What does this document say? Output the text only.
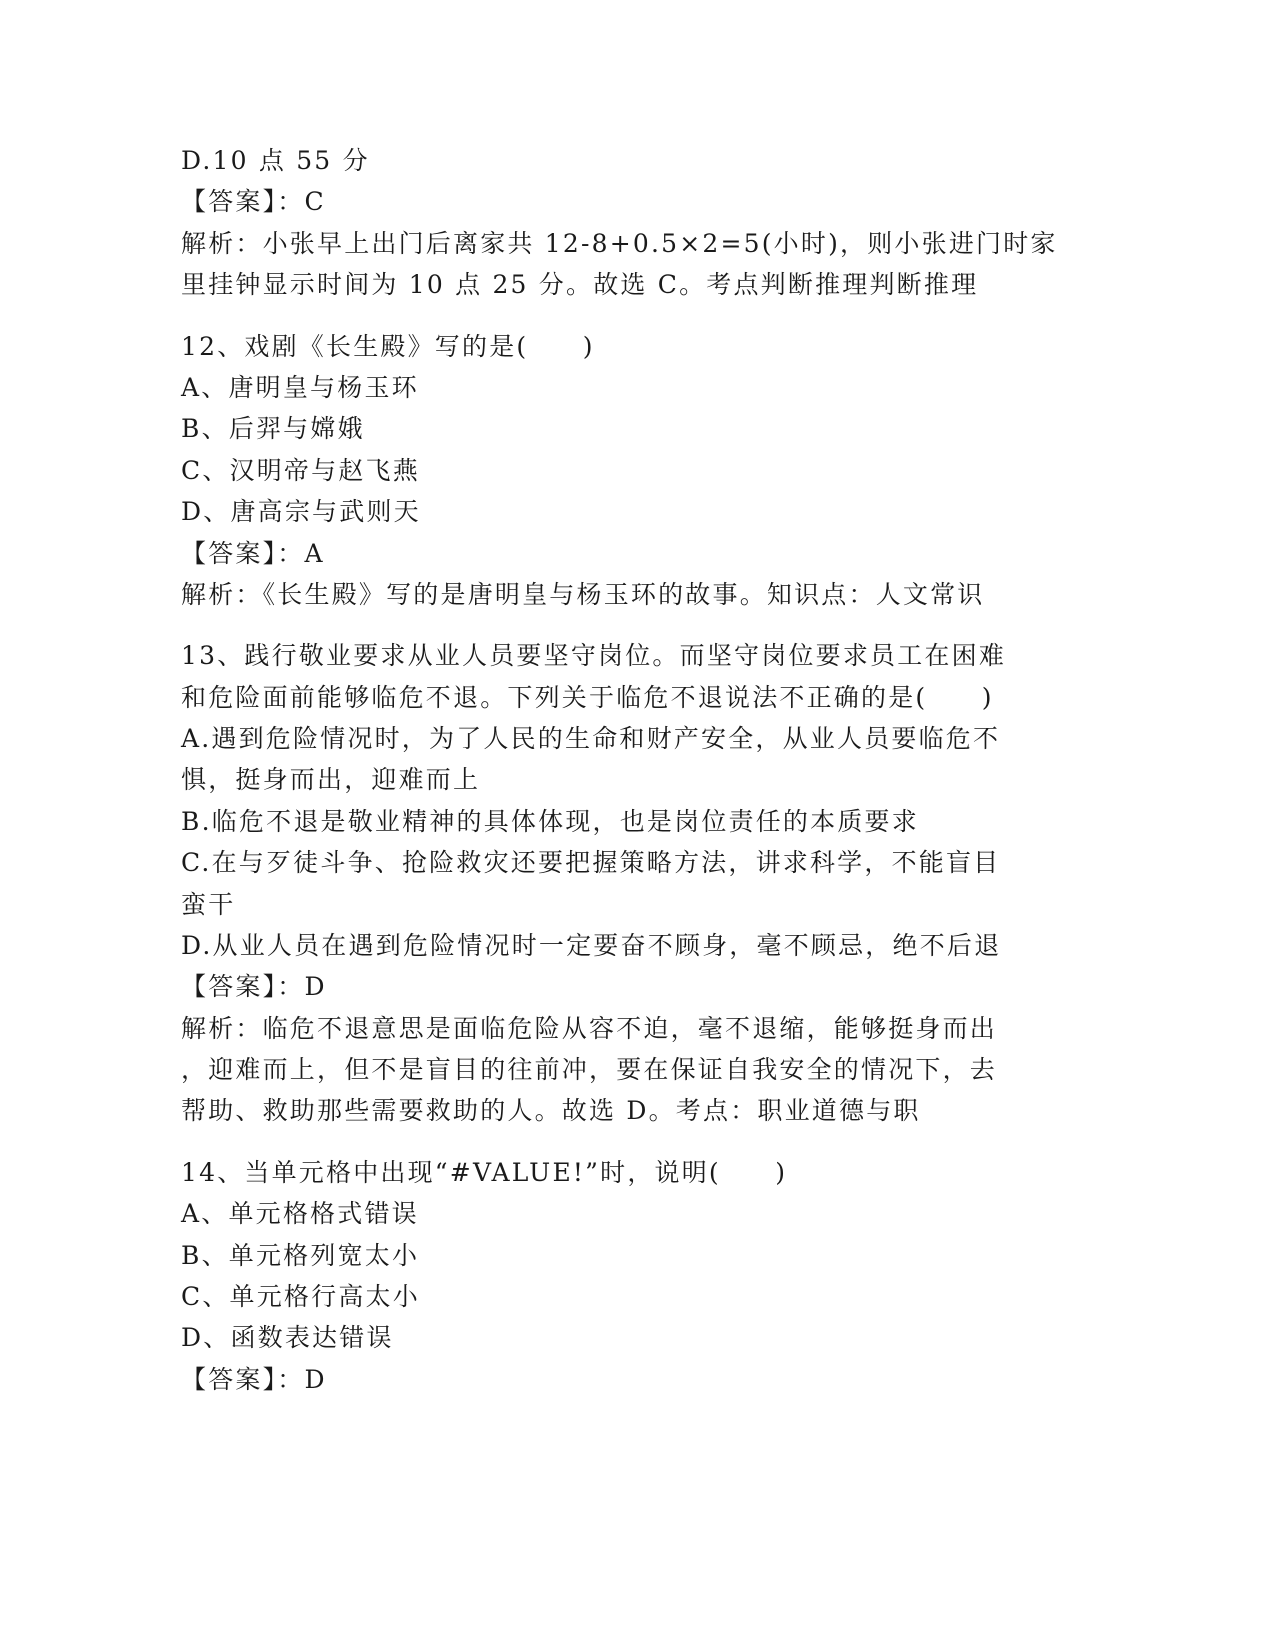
D.10 点 55 分
【答案】：C
解析：小张早上出门后离家共 12-8+0.5×2=5(小时)，则小张进门时家
里挂钟显示时间为 10 点 25 分。故选 C。考点判断推理判断推理
12、戏剧《长生殿》写的是(　　)
A、唐明皇与杨玉环
B、后羿与嫦娥
C、汉明帝与赵飞燕
D、唐高宗与武则天
【答案】：A
解析：《长生殿》写的是唐明皇与杨玉环的故事。知识点：人文常识
13、践行敬业要求从业人员要坚守岗位。而坚守岗位要求员工在困难
和危险面前能够临危不退。下列关于临危不退说法不正确的是(　　)
A.遇到危险情况时，为了人民的生命和财产安全，从业人员要临危不
惧，挺身而出，迎难而上
B.临危不退是敬业精神的具体体现，也是岗位责任的本质要求
C.在与歹徒斗争、抢险救灾还要把握策略方法，讲求科学，不能盲目
蛮干
D.从业人员在遇到危险情况时一定要奋不顾身，毫不顾忌，绝不后退
【答案】：D
解析：临危不退意思是面临危险从容不迫，毫不退缩，能够挺身而出
，迎难而上，但不是盲目的往前冲，要在保证自我安全的情况下，去
帮助、救助那些需要救助的人。故选 D。考点：职业道德与职
14、当单元格中出现“#VALUE!”时，说明(　　)
A、单元格格式错误
B、单元格列宽太小
C、单元格行高太小
D、函数表达错误
【答案】：D
